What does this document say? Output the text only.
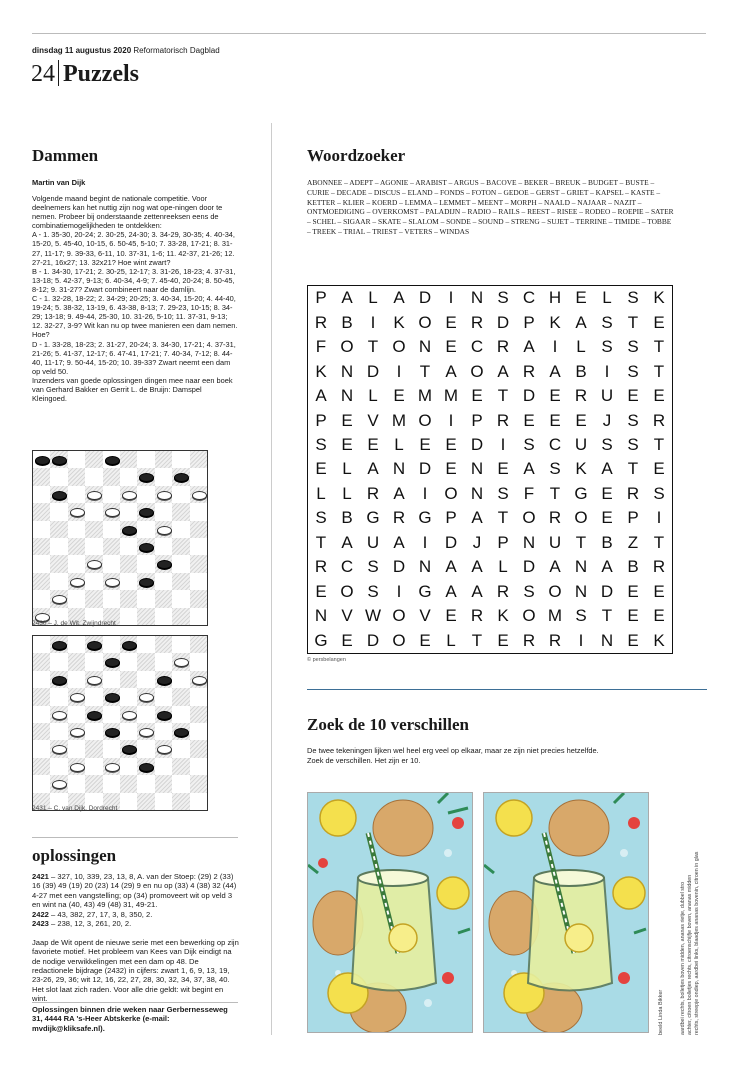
dinsdag 11 augustus 2020 Reformatorisch Dagblad
24 Puzzels
Dammen
Martin van Dijk
Volgende maand begint de nationale competitie. Voor deelnemers kan het nuttig zijn nog wat ope-ningen door te nemen. Probeer bij onderstaande zettenreeksen eens de combinatiemogelijkheden te ontdekken:
A - 1. 35-30, 20-24; 2. 30-25, 24-30; 3. 34-29, 30-35; 4. 40-34, 15-20, 5. 45-40, 10-15, 6. 50-45, 5-10; 7. 33-28, 17-21; 8. 31-27, 11-17; 9. 39-33, 6-11, 10. 37-31, 1-6; 11. 42-37, 21-26; 12. 27-21, 16x27; 13. 32x21? Hoe wint zwart?
B - 1. 34-30, 17-21; 2. 30-25, 12-17; 3. 31-26, 18-23; 4. 37-31, 13-18; 5. 42-37, 9-13; 6. 40-34, 4-9; 7. 45-40, 20-24; 8. 50-45, 8-12; 9. 31-27? Zwart combineert naar de damlijn.
C - 1. 32-28, 18-22; 2. 34-29; 20-25; 3. 40-34, 15-20; 4. 44-40, 19-24; 5. 38-32, 13-19, 6. 43-38, 8-13; 7. 29-23, 10-15; 8. 34-29; 13-18; 9. 49-44, 25-30, 10. 31-26, 5-10; 11. 37-31, 9-13; 12. 32-27, 3-9? Wit kan nu op twee manieren een dam nemen. Hoe?
D - 1. 33-28, 18-23; 2. 31-27, 20-24; 3. 34-30, 17-21; 4. 37-31, 21-26; 5. 41-37, 12-17; 6. 47-41, 17-21; 7. 40-34, 7-12; 8. 44-40, 11-17; 9. 50-44, 15-20; 10. 39-33? Zwart neemt een dam op veld 50.
Inzenders van goede oplossingen dingen mee naar een boek van Gerhard Bakker en Gerrit L. de Bruijn: Damspel Kleingoed.
2430 – J. de Wit, Zwijndrecht
2431 – C. van Dijk, Dordrecht
oplossingen
2421 – 327, 10, 339, 23, 13, 8, A. van der Stoep: (29) 2 (33) 16 (39) 49 (19) 20 (23) 14 (29) 9 en nu op (33) 4 (38) 32 (44) 4-27 met een vangstelling; op (34) promoveert wit op veld 3 en wint na (40, 43) 49 (48) 31, 49-21.
2422 – 43, 382, 27, 17, 3, 8, 350, 2.
2423 – 238, 12, 3, 261, 20, 2.

Jaap de Wit opent de nieuwe serie met een bewerking op zijn favoriete motief. Het probleem van Kees van Dijk eindigt na de nodige verwikkelingen met een dam op 48. De redactionele bijdrage (2432) in cijfers: zwart 1, 6, 9, 13, 19, 23-26, 29, 36; wit 12, 16, 22, 27, 28, 30, 32, 34, 37, 38, 40. Het slot laat zich raden. Voor alle drie geldt: wit begint en wint.
Oplossingen binnen drie weken naar Gerbernesseweg 31, 4444 RA 's-Heer Abtskerke (e-mail: mvdijk@kliksafe.nl).
Woordzoeker
ABONNEE – ADEPT – AGONIE – ARABIST – ARGUS – BACOVE – BEKER – BREUK – BUDGET – BUSTE – CURIE – DECADE – DISCUS – ELAND – FONDS – FOTON – GEDOE – GERST – GRIET – KAPSEL – KASTE – KETTER – KLIER – KOERD – LEMMA – LEMMET – MEENT – MORPH – NAALD – NAJAAR – NAZIT – ONTMOEDIGING – OVERKOMST – PALADIJN – RADIO – RAILS – REEST – RISEE – RODEO – ROEPIE – SATER – SCHEL – SIGAAR – SKATE – SLALOM – SONDE – SOUND – STRENG – SUJET – TERRINE – TIMIDE – TOBBE – TREEK – TRIAL – TRIEST – VETERS – WINDAS
P A L A D	I	N S C H E L S K
R B	I	K O E R D P K A S T E
F O T O N E C R A	I	L S S T
K N D	I	T A O A R A B	I	S T
A N L E M M E T D E R U E E
P E V M O	I	P R E E E J S R
S E E L E E D	I	S C U S S T
E L A N D E N E A S K A T E
L L R A	I	O N S F T G E R S
S B G R G P A T O R O E P	I
T A U A	I	D J P N U T B Z T
R C S D N A A L D A N A B R
E O S	I	G A A R S O N D E E
N V W O V E R K O M S T E E
G E D O E L T E R R	I	N E K
© persbelangen
Zoek de 10 verschillen
De twee tekeningen lijken wel heel erg veel op elkaar, maar ze zijn niet precies hetzelfde.
Zoek de verschillen. Het zijn er 10.
beeld Linda Bikker	aardbei rechts, bolletjes boven midden, ananas rietje, dubbel stro
achter, citroen bolletjes rechts, citroenschijfje boven, ananas midden
rechts, streepje ondiep, aardbei links, blaadjes ananas bovenin, citroen in glas
